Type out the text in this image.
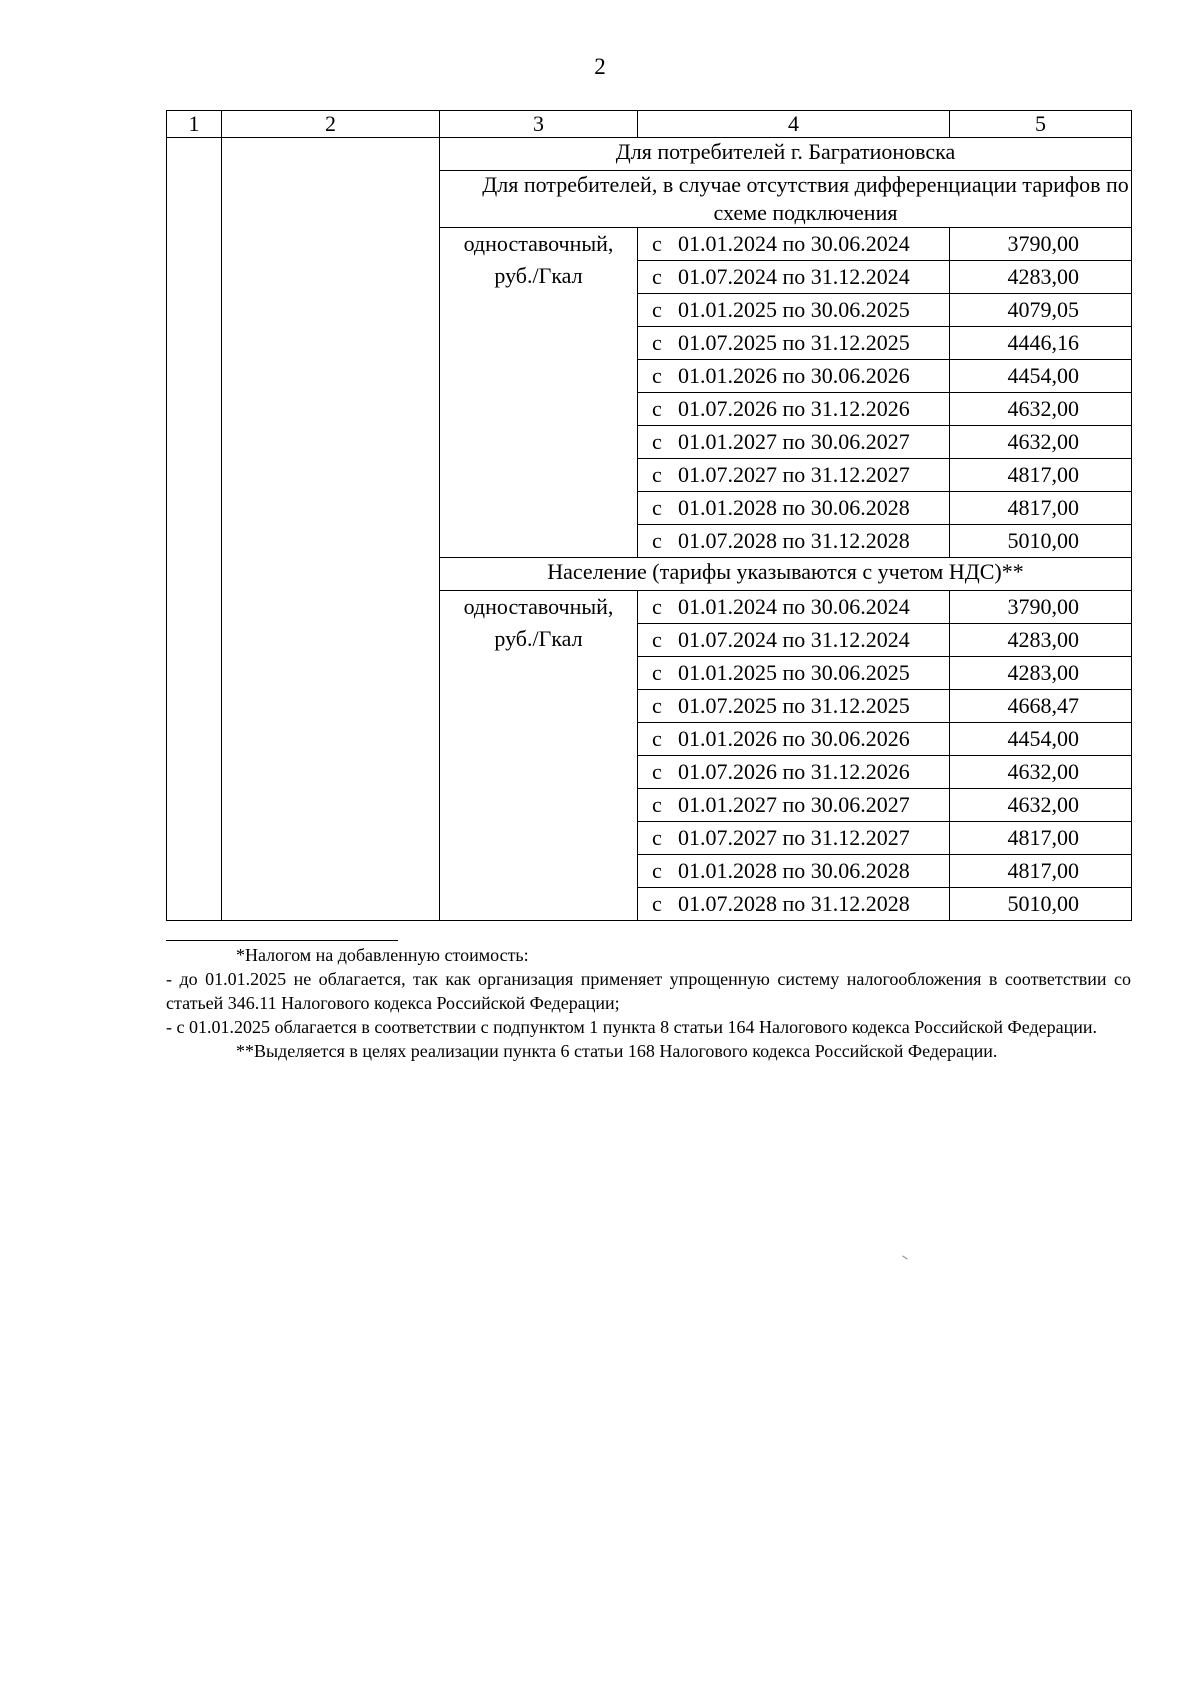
2
1	2	3	4	5
		Для потребителей г. Багратионовска		
		Для потребителей, в случае отсутствия дифференциации тарифов по схеме подключения		
		одноставочный, руб./Гкал	с 01.01.2024 по 30.06.2024	3790,00
			с 01.07.2024 по 31.12.2024	4283,00
			с 01.01.2025 по 30.06.2025	4079,05
			с 01.07.2025 по 31.12.2025	4446,16
			с 01.01.2026 по 30.06.2026	4454,00
			с 01.07.2026 по 31.12.2026	4632,00
			с 01.01.2027 по 30.06.2027	4632,00
			с 01.07.2027 по 31.12.2027	4817,00
			с 01.01.2028 по 30.06.2028	4817,00
			с 01.07.2028 по 31.12.2028	5010,00
		Население (тарифы указываются с учетом НДС)**		
		одноставочный, руб./Гкал	с 01.01.2024 по 30.06.2024	3790,00
			с 01.07.2024 по 31.12.2024	4283,00
			с 01.01.2025 по 30.06.2025	4283,00
			с 01.07.2025 по 31.12.2025	4668,47
			с 01.01.2026 по 30.06.2026	4454,00
			с 01.07.2026 по 31.12.2026	4632,00
			с 01.01.2027 по 30.06.2027	4632,00
			с 01.07.2027 по 31.12.2027	4817,00
			с 01.01.2028 по 30.06.2028	4817,00
			с 01.07.2028 по 31.12.2028	5010,00

*Налогом на добавленную стоимость:

- до 01.01.2025 не облагается, так как организация применяет упрощенную систему налогообложения в соответствии со статьей 346.11 Налогового кодекса Российской Федерации;

- с 01.01.2025 облагается в соответствии с подпунктом 1 пункта 8 статьи 164 Налогового кодекса Российской Федерации.

**Выделяется в целях реализации пункта 6 статьи 168 Налогового кодекса Российской Федерации.
